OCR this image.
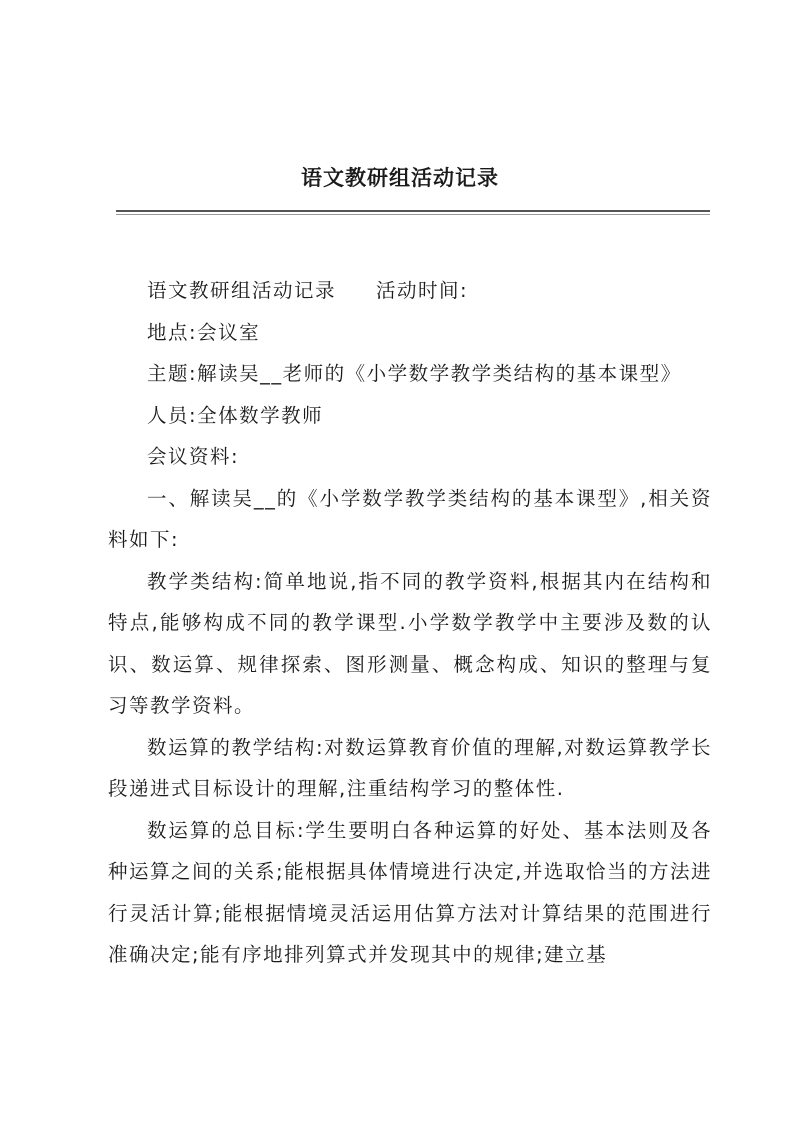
语文教研组活动记录

语文教研组活动记录 活动时间:

地点:会议室

主题:解读吴__老师的《小学数学教学类结构的基本课型》

人员:全体数学教师

会议资料:

一、解读吴__的《小学数学教学类结构的基本课型》,相关资料如下:

教学类结构:简单地说,指不同的教学资料,根据其内在结构和特点,能够构成不同的教学课型.小学数学教学中主要涉及数的认识、数运算、规律探索、图形测量、概念构成、知识的整理与复习等教学资料。

数运算的教学结构:对数运算教育价值的理解,对数运算教学长段递进式目标设计的理解,注重结构学习的整体性.

数运算的总目标:学生要明白各种运算的好处、基本法则及各种运算之间的关系;能根据具体情境进行决定,并选取恰当的方法进行灵活计算;能根据情境灵活运用估算方法对计算结果的范围进行准确决定;能有序地排列算式并发现其中的规律;建立基
